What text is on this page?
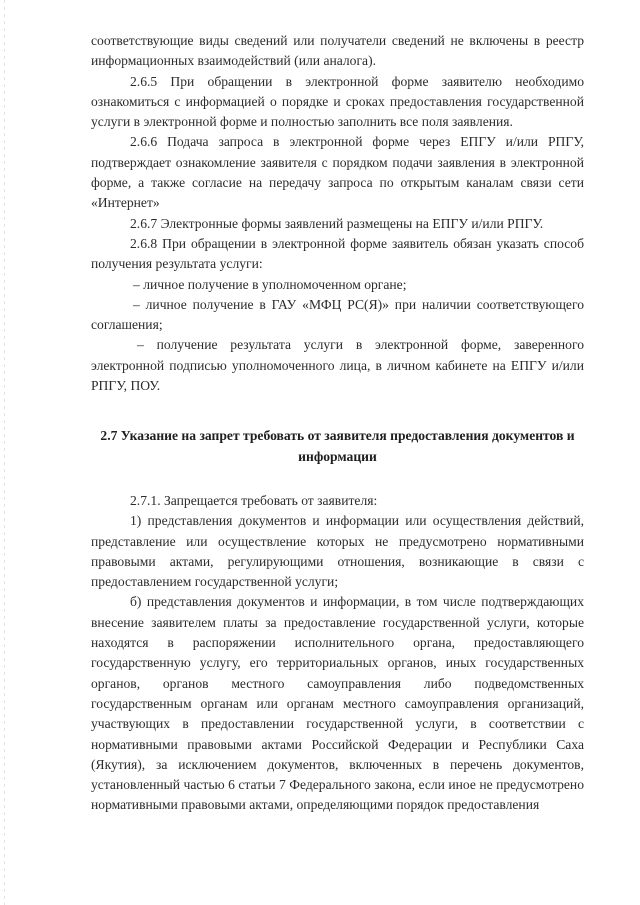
соответствующие виды сведений или получатели сведений не включены в реестр информационных взаимодействий (или аналога).

2.6.5 При обращении в электронной форме заявителю необходимо ознакомиться с информацией о порядке и сроках предоставления государственной услуги в электронной форме и полностью заполнить все поля заявления.

2.6.6 Подача запроса в электронной форме через ЕПГУ и/или РПГУ, подтверждает ознакомление заявителя с порядком подачи заявления в электронной форме, а также согласие на передачу запроса по открытым каналам связи сети «Интернет»

2.6.7 Электронные формы заявлений размещены на ЕПГУ и/или РПГУ.

2.6.8 При обращении в электронной форме заявитель обязан указать способ получения результата услуги:

– личное получение в уполномоченном органе;

– личное получение в ГАУ «МФЦ РС(Я)» при наличии соответствующего соглашения;

– получение результата услуги в электронной форме, заверенного электронной подписью уполномоченного лица, в личном кабинете на ЕПГУ и/или РПГУ, ПОУ.

2.7 Указание на запрет требовать от заявителя предоставления документов и информации

2.7.1. Запрещается требовать от заявителя:

1) представления документов и информации или осуществления действий, представление или осуществление которых не предусмотрено нормативными правовыми актами, регулирующими отношения, возникающие в связи с предоставлением государственной услуги;

б) представления документов и информации, в том числе подтверждающих внесение заявителем платы за предоставление государственной услуги, которые находятся в распоряжении исполнительного органа, предоставляющего государственную услугу, его территориальных органов, иных государственных органов, органов местного самоуправления либо подведомственных государственным органам или органам местного самоуправления организаций, участвующих в предоставлении государственной услуги, в соответствии с нормативными правовыми актами Российской Федерации и Республики Саха (Якутия), за исключением документов, включенных в перечень документов, установленный частью 6 статьи 7 Федерального закона, если иное не предусмотрено нормативными правовыми актами, определяющими порядок предоставления
